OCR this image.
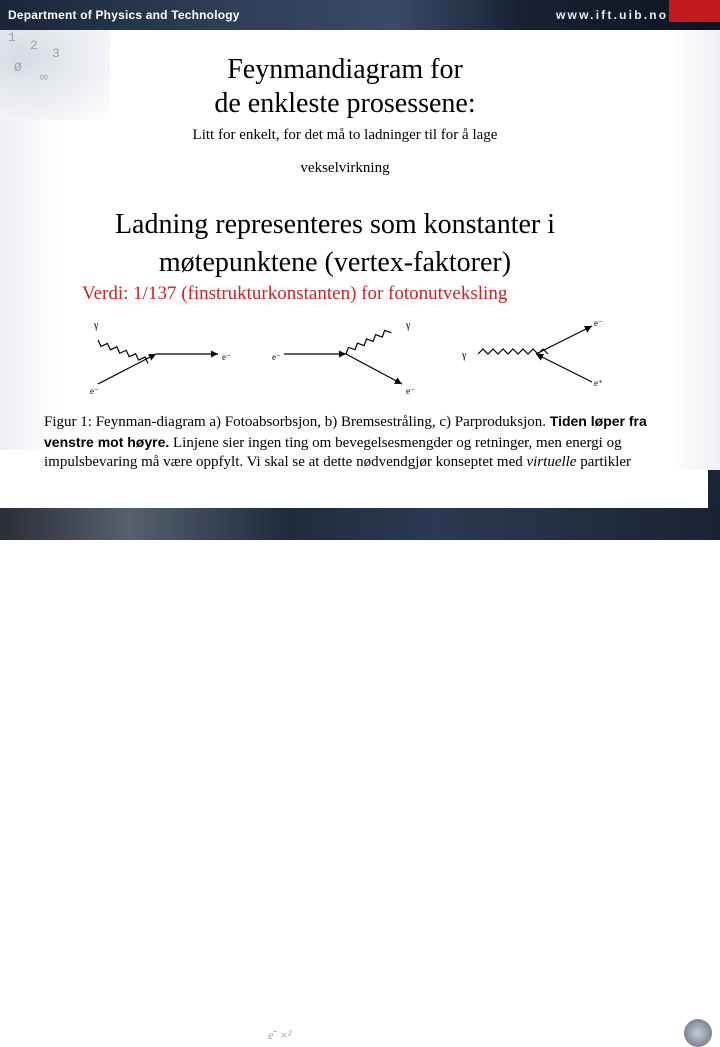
Department of Physics and Technology	www.ift.uib.no
1
2
3
Ø
∞	Feynmandiagram for
de enkleste prosessene:
Litt for enkelt, for det må to ladninger til for å lage
vekselvirkning
Ladning representeres som konstanter i
møtepunktene (vertex-faktorer)
Verdi: 1/137 (finstrukturkonstanten) for fotonutveksling
γ
e⁻
e⁻	e⁻
γ
e⁻
γ
e⁻
e⁺
Figur 1: Feynman-diagram a) Fotoabsorbsjon, b) Bremsestråling, c) Parproduksjon. Tiden løper fra venstre mot høyre. Linjene sier ingen ting om bevegelsesmengder og retninger, men energi og impulsbevaring må være oppfylt. Vi skal se at dette nødvendgjør konseptet med virtuelle partikler
e- ×²	The University of Bergen
